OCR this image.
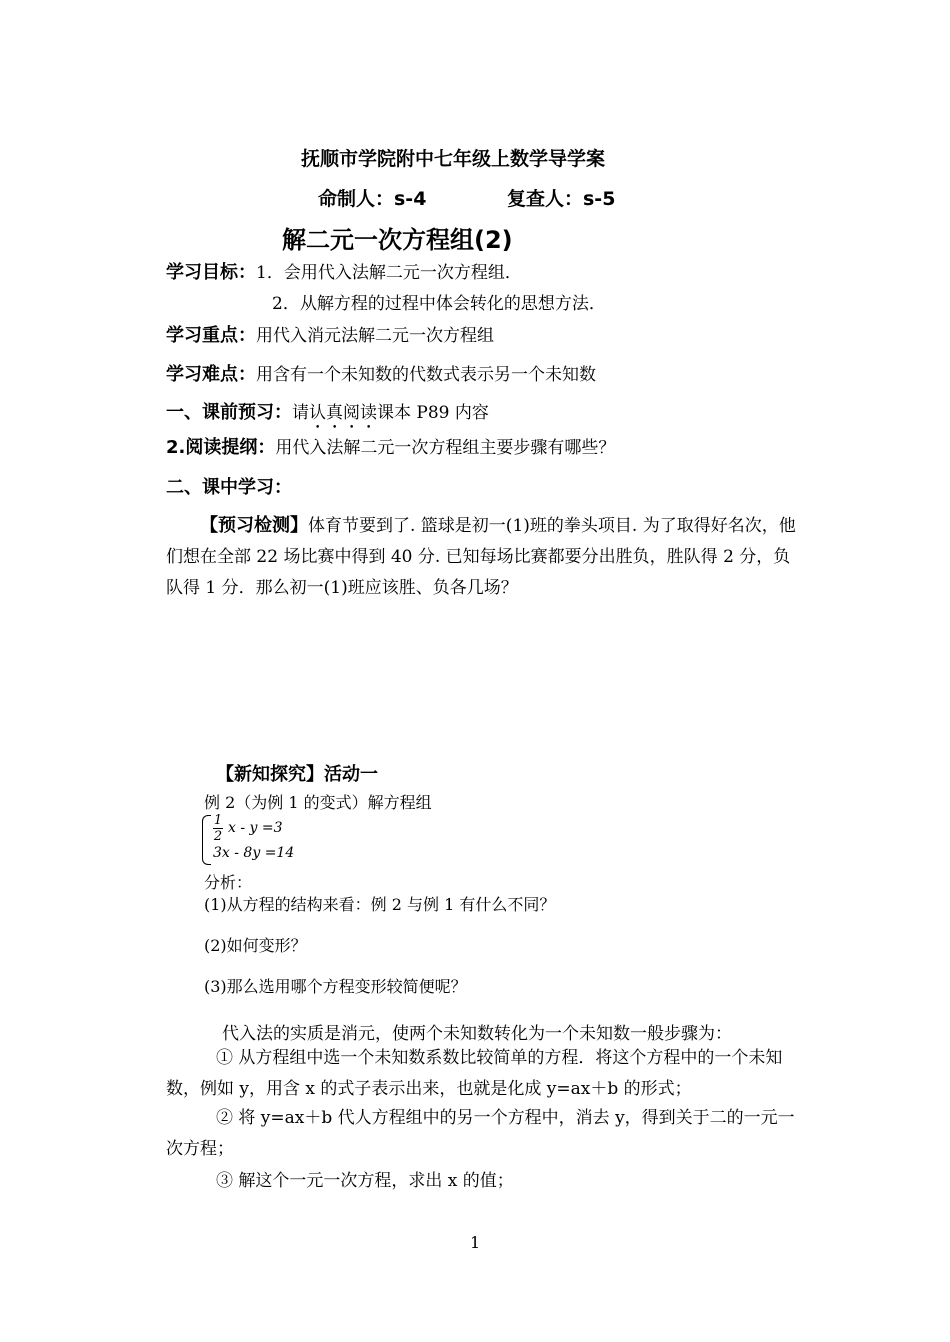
抚顺市学院附中七年级上数学导学案
命制人：s-4	复查人：s-5
解二元一次方程组(2)
学习目标：1．会用代入法解二元一次方程组．
2．从解方程的过程中体会转化的思想方法．
学习重点：用代入消元法解二元一次方程组
学习难点：用含有一个未知数的代数式表示另一个未知数
一、课前预习：请认真阅读课本 P89 内容
2.阅读提纲：用代入法解二元一次方程组主要步骤有哪些？
二、课中学习：
【预习检测】体育节要到了. 篮球是初一(1)班的拳头项目. 为了取得好名次，他们想在全部 22 场比赛中得到 40 分. 已知每场比赛都要分出胜负，胜队得 2 分，负队得 1 分．那么初一(1)班应该胜、负各几场？
【新知探究】活动一
例 2（为例 1 的变式）解方程组
1
2
x - y =3
3x - 8y =14
分析：
(1)从方程的结构来看：例 2 与例 1 有什么不同？
(2)如何变形？
(3)那么选用哪个方程变形较简便呢？
代入法的实质是消元，使两个未知数转化为一个未知数一般步骤为：
① 从方程组中选一个未知数系数比较简单的方程．将这个方程中的一个未知数，例如 y，用含 x 的式子表示出来，也就是化成 y=ax＋b 的形式；
② 将 y=ax＋b 代人方程组中的另一个方程中，消去 y，得到关于二的一元一次方程；
③ 解这个一元一次方程，求出 x 的值；
1
